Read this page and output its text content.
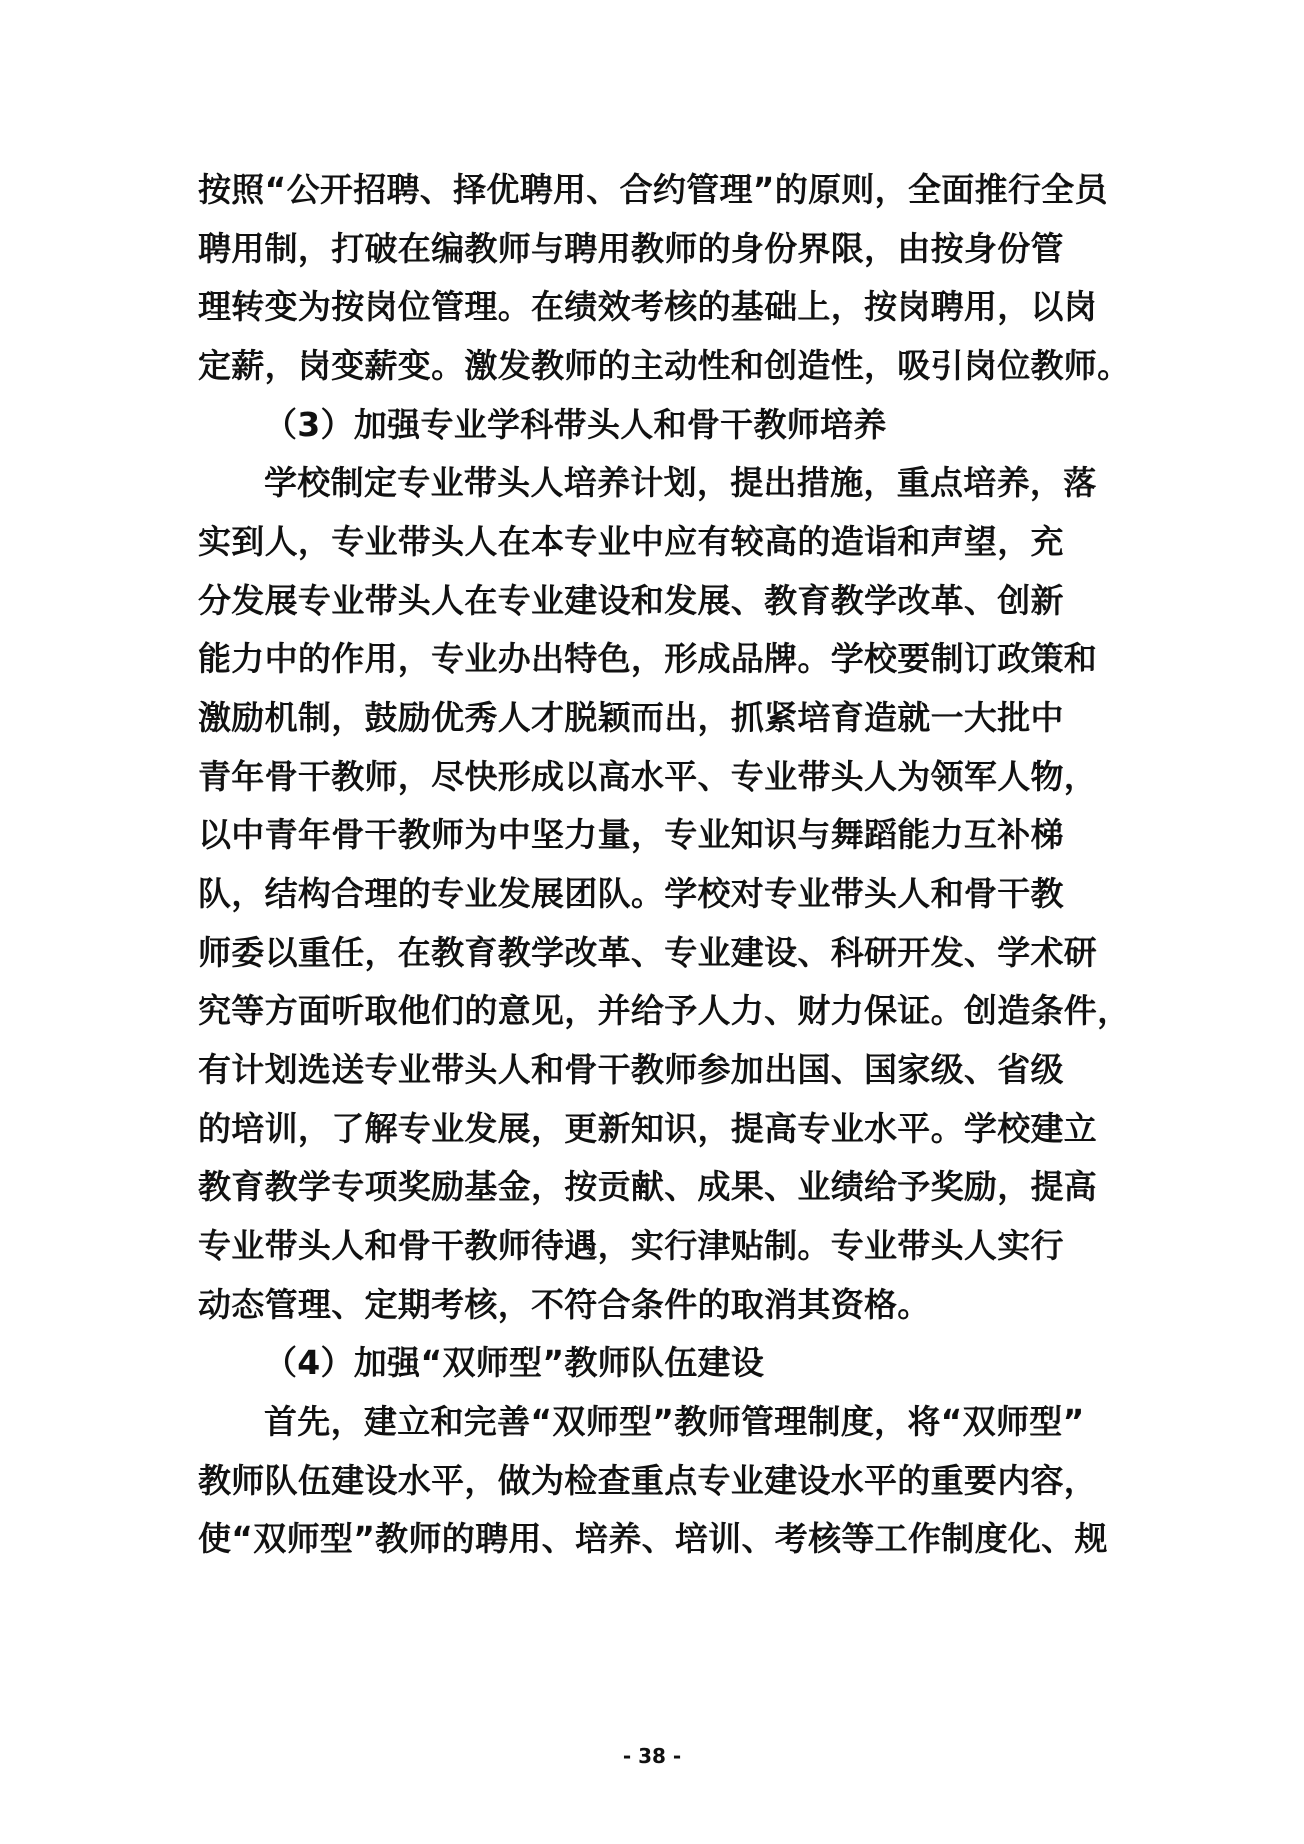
按照“公开招聘、择优聘用、合约管理”的原则，全面推行全员
聘用制，打破在编教师与聘用教师的身份界限，由按身份管
理转变为按岗位管理。在绩效考核的基础上，按岗聘用，以岗
定薪，岗变薪变。激发教师的主动性和创造性，吸引岗位教师。
（3）加强专业学科带头人和骨干教师培养
学校制定专业带头人培养计划，提出措施，重点培养，落
实到人，专业带头人在本专业中应有较高的造诣和声望，充
分发展专业带头人在专业建设和发展、教育教学改革、创新
能力中的作用，专业办出特色，形成品牌。学校要制订政策和
激励机制，鼓励优秀人才脱颖而出，抓紧培育造就一大批中
青年骨干教师，尽快形成以高水平、专业带头人为领军人物，
以中青年骨干教师为中坚力量，专业知识与舞蹈能力互补梯
队，结构合理的专业发展团队。学校对专业带头人和骨干教
师委以重任，在教育教学改革、专业建设、科研开发、学术研
究等方面听取他们的意见，并给予人力、财力保证。创造条件，
有计划选送专业带头人和骨干教师参加出国、国家级、省级
的培训，了解专业发展，更新知识，提高专业水平。学校建立
教育教学专项奖励基金，按贡献、成果、业绩给予奖励，提高
专业带头人和骨干教师待遇，实行津贴制。专业带头人实行
动态管理、定期考核，不符合条件的取消其资格。
（4）加强“双师型”教师队伍建设
首先，建立和完善“双师型”教师管理制度，将“双师型”
教师队伍建设水平，做为检查重点专业建设水平的重要内容，
使“双师型”教师的聘用、培养、培训、考核等工作制度化、规
- 38 -
